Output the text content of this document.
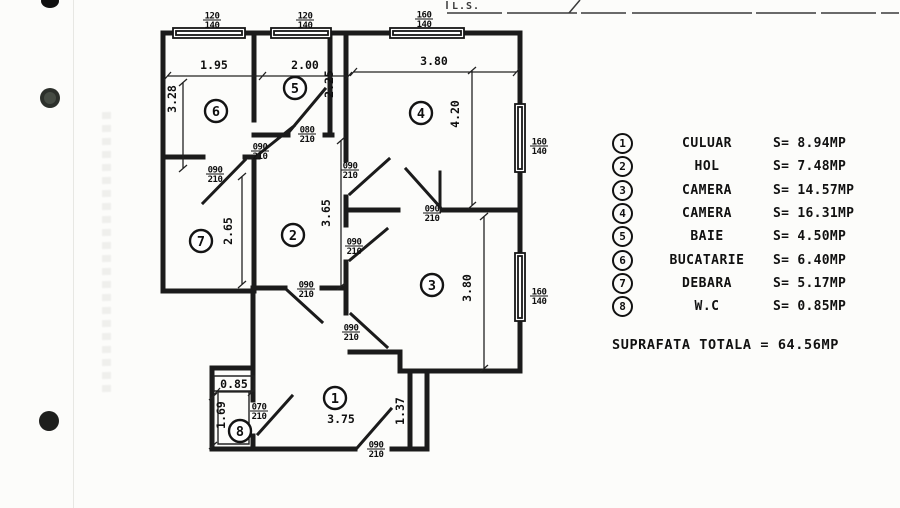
L.S.
1.95	2.00	3.80
3.28
2.25
4.20
3.65
2.65
3.80
0.85
1.69	3.75	1.37
120
140
120
140
160
140
160
140
160
140
090
210
080
210
090
210
090
210
090
210
090
210
090
210
090
210
070
210
090
210
1
2
3
4
5
6
7
8
1	CULUAR	S= 8.94MP
2	HOL	S= 7.48MP
3	CAMERA	S= 14.57MP
4	CAMERA	S= 16.31MP
5	BAIE	S= 4.50MP
6	BUCATARIE	S= 6.40MP
7	DEBARA	S= 5.17MP
8	W.C	S= 0.85MP
SUPRAFATA TOTALA = 64.56MP
